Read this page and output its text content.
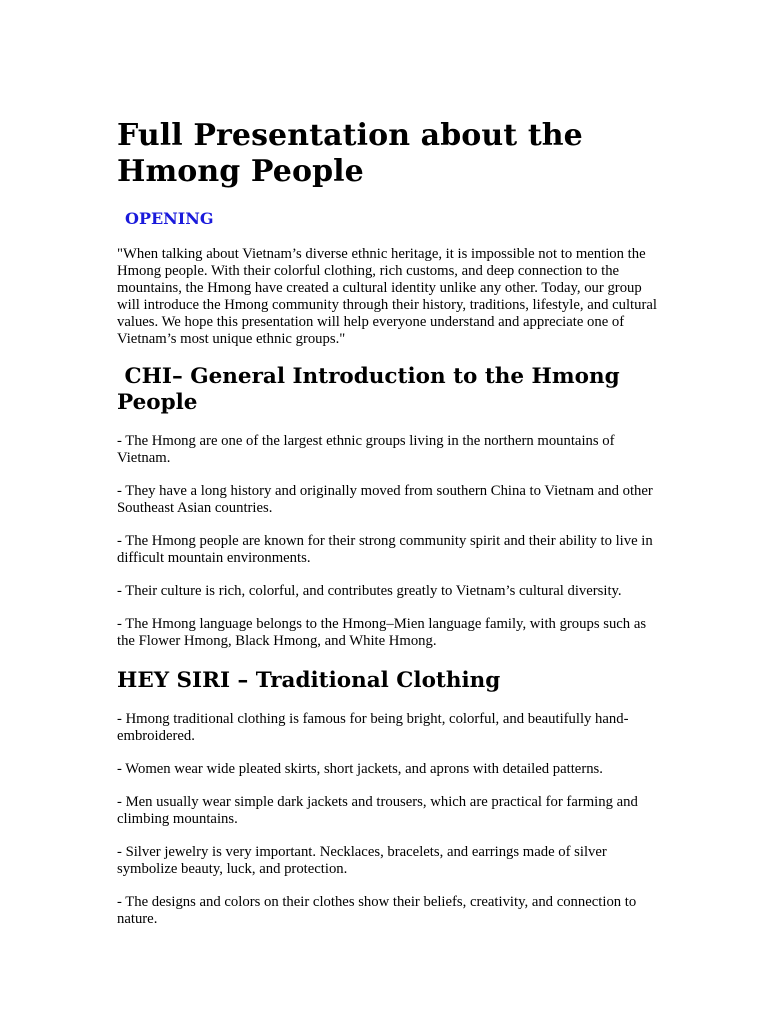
Full Presentation about the Hmong People
OPENING

"When talking about Vietnam’s diverse ethnic heritage, it is impossible not to mention the Hmong people. With their colorful clothing, rich customs, and deep connection to the mountains, the Hmong have created a cultural identity unlike any other. Today, our group will introduce the Hmong community through their history, traditions, lifestyle, and cultural values. We hope this presentation will help everyone understand and appreciate one of Vietnam’s most unique ethnic groups."

CHI– General Introduction to the Hmong People

- The Hmong are one of the largest ethnic groups living in the northern mountains of Vietnam.

- They have a long history and originally moved from southern China to Vietnam and other Southeast Asian countries.

- The Hmong people are known for their strong community spirit and their ability to live in difficult mountain environments.

- Their culture is rich, colorful, and contributes greatly to Vietnam’s cultural diversity.

- The Hmong language belongs to the Hmong–Mien language family, with groups such as the Flower Hmong, Black Hmong, and White Hmong.

HEY SIRI – Traditional Clothing

- Hmong traditional clothing is famous for being bright, colorful, and beautifully hand-embroidered.

- Women wear wide pleated skirts, short jackets, and aprons with detailed patterns.

- Men usually wear simple dark jackets and trousers, which are practical for farming and climbing mountains.

- Silver jewelry is very important. Necklaces, bracelets, and earrings made of silver symbolize beauty, luck, and protection.

- The designs and colors on their clothes show their beliefs, creativity, and connection to nature.
